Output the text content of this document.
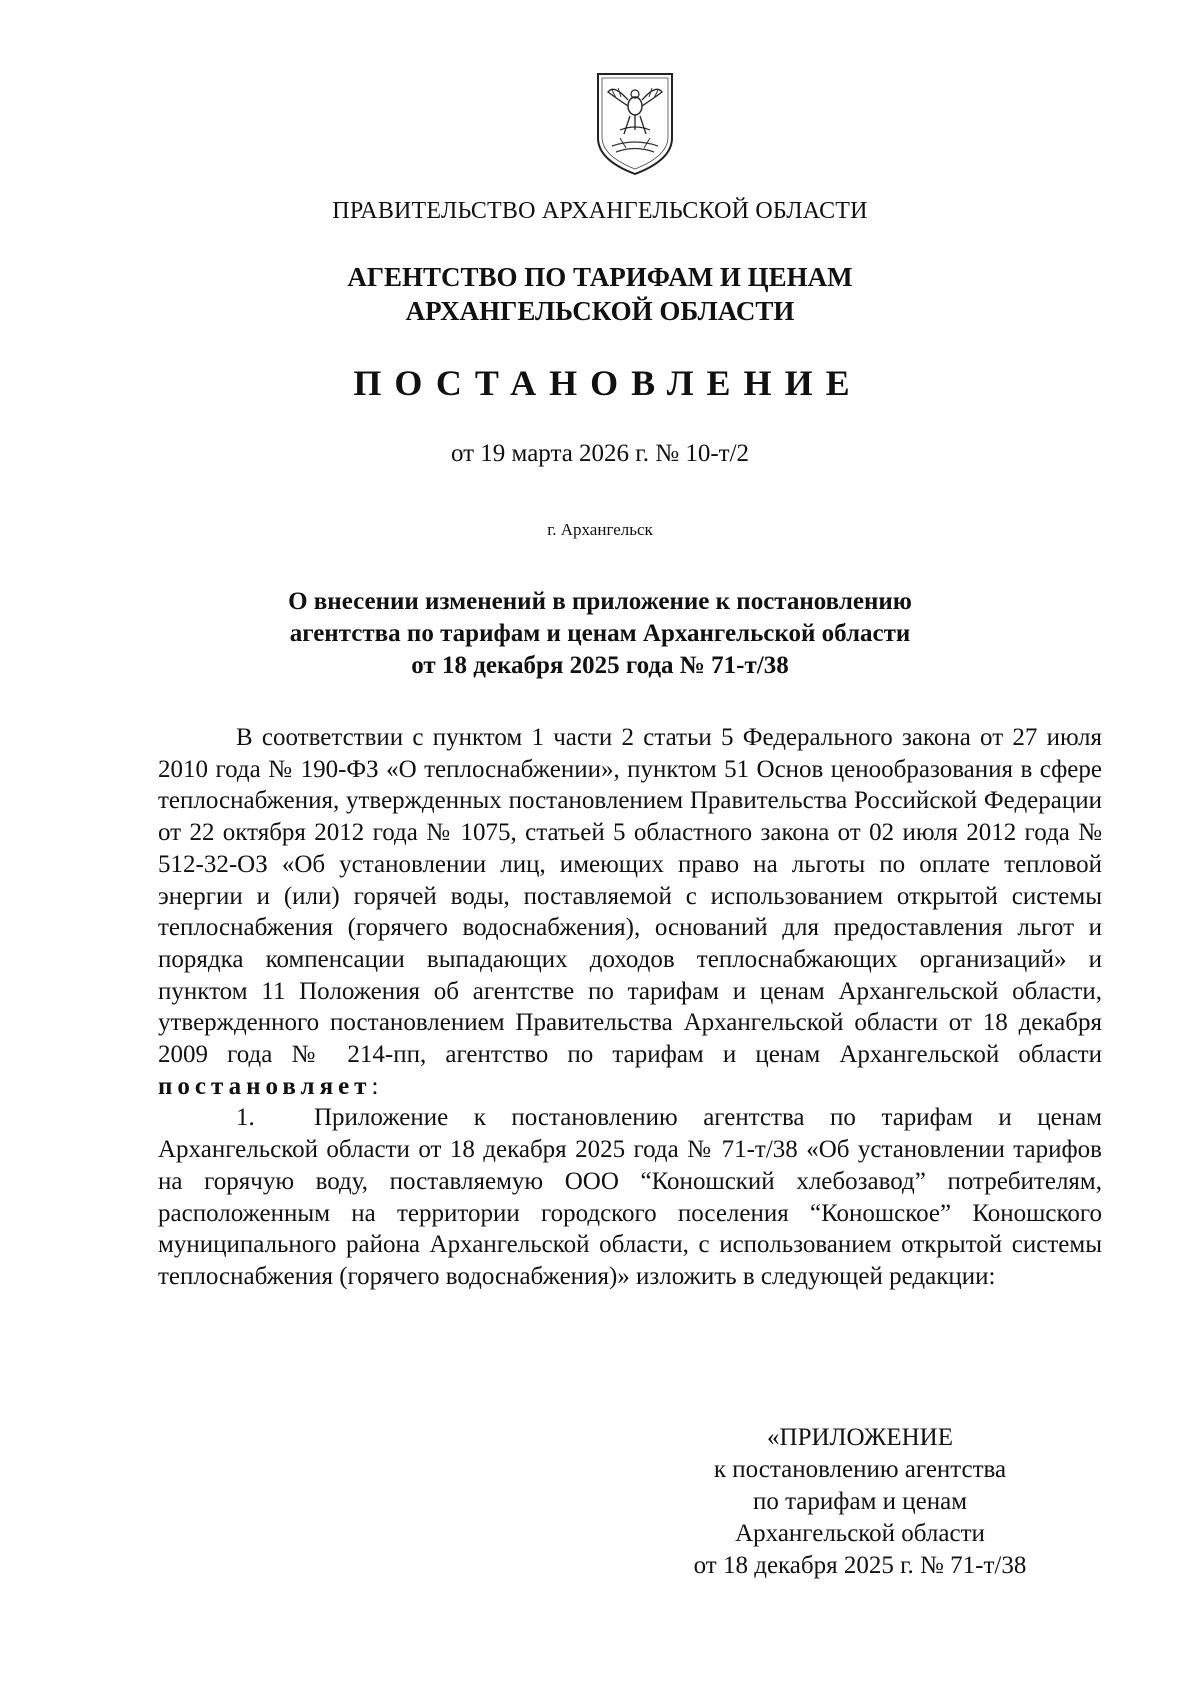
ПРАВИТЕЛЬСТВО АРХАНГЕЛЬСКОЙ ОБЛАСТИ
АГЕНТСТВО ПО ТАРИФАМ И ЦЕНАМ
АРХАНГЕЛЬСКОЙ ОБЛАСТИ
ПОСТАНОВЛЕНИЕ
от 19 марта 2026 г. № 10-т/2
г. Архангельск
О внесении изменений в приложение к постановлению
агентства по тарифам и ценам Архангельской области
от 18 декабря 2025 года № 71-т/38

В соответствии с пунктом 1 части 2 статьи 5 Федерального закона от 27 июля 2010 года № 190-ФЗ «О теплоснабжении», пунктом 51 Основ ценообразования в сфере теплоснабжения, утвержденных постановлением Правительства Российской Федерации от 22 октября 2012 года № 1075, статьей 5 областного закона от 02 июля 2012 года № 512-32-ОЗ «Об установлении лиц, имеющих право на льготы по оплате тепловой энергии и (или) горячей воды, поставляемой с использованием открытой системы теплоснабжения (горячего водоснабжения), оснований для предоставления льгот и порядка компенсации выпадающих доходов теплоснабжающих организаций» и пунктом 11 Положения об агентстве по тарифам и ценам Архангельской области, утвержденного постановлением Правительства Архангельской области от 18 декабря 2009 года № 214-пп, агентство по тарифам и ценам Архангельской области постановляет:

1. Приложение к постановлению агентства по тарифам и ценам Архангельской области от 18 декабря 2025 года № 71-т/38 «Об установлении тарифов на горячую воду, поставляемую ООО “Коношский хлебозавод” потребителям, расположенным на территории городского поселения “Коношское” Коношского муниципального района Архангельской области, с использованием открытой системы теплоснабжения (горячего водоснабжения)» изложить в следующей редакции:

«ПРИЛОЖЕНИЕ
к постановлению агентства
по тарифам и ценам
Архангельской области
от 18 декабря 2025 г. № 71-т/38
